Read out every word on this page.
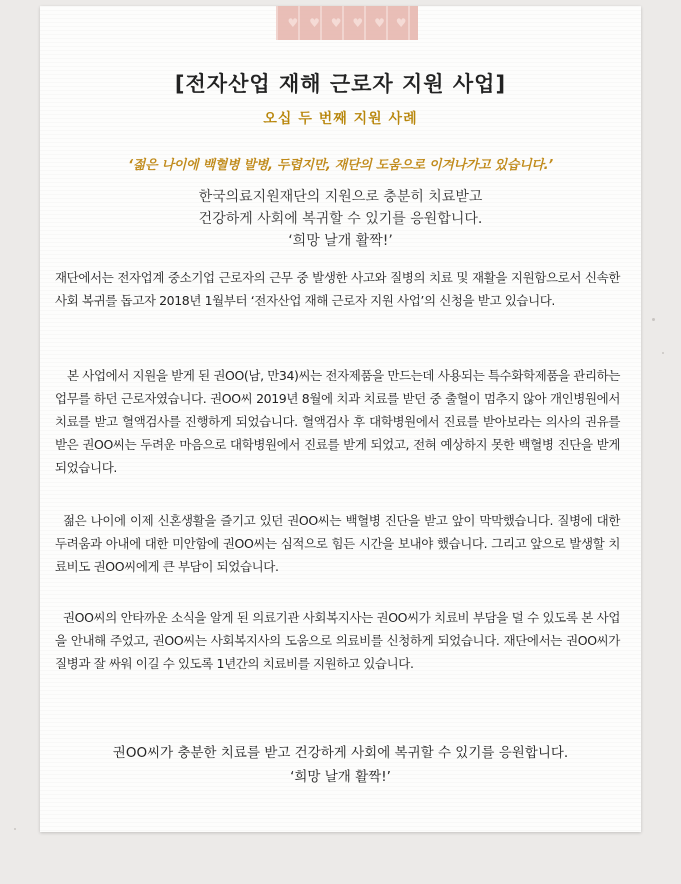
♥ ♥ ♥ ♥ ♥ ♥
[전자산업 재해 근로자 지원 사업]
오십 두 번째 지원 사례
‘젊은 나이에 백혈병 발병, 두렵지만, 재단의 도움으로 이겨나가고 있습니다.’
한국의료지원재단의 지원으로 충분히 치료받고
건강하게 사회에 복귀할 수 있기를 응원합니다.
‘희망 날개 활짝!’
재단에서는 전자업계 중소기업 근로자의 근무 중 발생한 사고와 질병의 치료 및 재활을 지원함으로서 신속한 사회 복귀를 돕고자 2018년 1월부터 ‘전자산업 재해 근로자 지원 사업’의 신청을 받고 있습니다.
본 사업에서 지원을 받게 된 권OO(남, 만34)씨는 전자제품을 만드는데 사용되는 특수화학제품을 관리하는 업무를 하던 근로자였습니다. 권OO씨 2019년 8월에 치과 치료를 받던 중 출혈이 멈추지 않아 개인병원에서 치료를 받고 혈액검사를 진행하게 되었습니다. 혈액검사 후 대학병원에서 진료를 받아보라는 의사의 권유를 받은 권OO씨는 두려운 마음으로 대학병원에서 진료를 받게 되었고, 전혀 예상하지 못한 백혈병 진단을 받게 되었습니다.
젊은 나이에 이제 신혼생활을 즐기고 있던 권OO씨는 백혈병 진단을 받고 앞이 막막했습니다. 질병에 대한 두려움과 아내에 대한 미안함에 권OO씨는 심적으로 힘든 시간을 보내야 했습니다. 그리고 앞으로 발생할 치료비도 권OO씨에게 큰 부담이 되었습니다.
권OO씨의 안타까운 소식을 알게 된 의료기관 사회복지사는 권OO씨가 치료비 부담을 덜 수 있도록 본 사업을 안내해 주었고, 권OO씨는 사회복지사의 도움으로 의료비를 신청하게 되었습니다. 재단에서는 권OO씨가 질병과 잘 싸워 이길 수 있도록 1년간의 치료비를 지원하고 있습니다.
권OO씨가 충분한 치료를 받고 건강하게 사회에 복귀할 수 있기를 응원합니다.
‘희망 날개 활짝!’
